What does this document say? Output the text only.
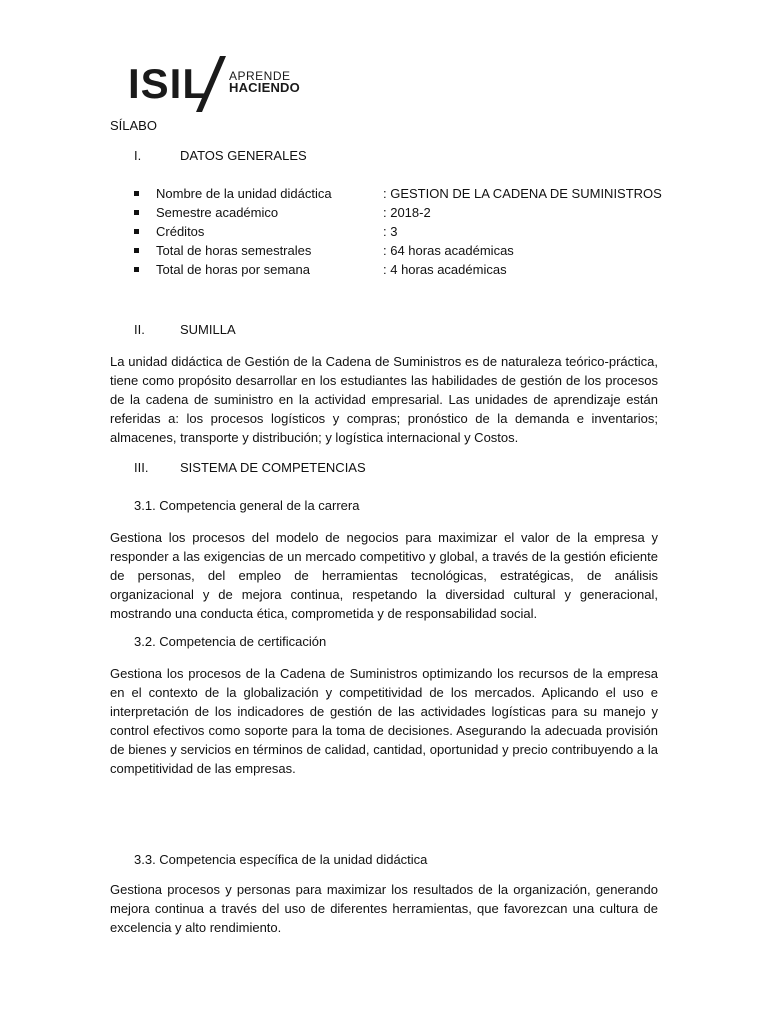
ISIL APRENDE
HACIENDO
SÍLABO
I.	DATOS GENERALES
Nombre de la unidad didáctica	: GESTION DE LA CADENA DE SUMINISTROS
Semestre académico	: 2018-2
Créditos	: 3
Total de horas semestrales	: 64 horas académicas
Total de horas por semana	: 4 horas académicas
II.	SUMILLA

La unidad didáctica de Gestión de la Cadena de Suministros es de naturaleza teórico-práctica, tiene como propósito desarrollar en los estudiantes las habilidades de gestión de los procesos de la cadena de suministro en la actividad empresarial. Las unidades de aprendizaje están referidas a: los procesos logísticos y compras; pronóstico de la demanda e inventarios; almacenes, transporte y distribución; y logística internacional y Costos.

III. SISTEMA DE COMPETENCIAS
3.1. Competencia general de la carrera

Gestiona los procesos del modelo de negocios para maximizar el valor de la empresa y responder a las exigencias de un mercado competitivo y global, a través de la gestión eficiente de personas, del empleo de herramientas tecnológicas, estratégicas, de análisis organizacional y de mejora continua, respetando la diversidad cultural y generacional, mostrando una conducta ética, comprometida y de responsabilidad social.

3.2. Competencia de certificación

Gestiona los procesos de la Cadena de Suministros optimizando los recursos de la empresa en el contexto de la globalización y competitividad de los mercados. Aplicando el uso e interpretación de los indicadores de gestión de las actividades logísticas para su manejo y control efectivos como soporte para la toma de decisiones. Asegurando la adecuada provisión de bienes y servicios en términos de calidad, cantidad, oportunidad y precio contribuyendo a la competitividad de las empresas.

3.3. Competencia específica de la unidad didáctica

Gestiona procesos y personas para maximizar los resultados de la organización, generando mejora continua a través del uso de diferentes herramientas, que favorezcan una cultura de excelencia y alto rendimiento.
